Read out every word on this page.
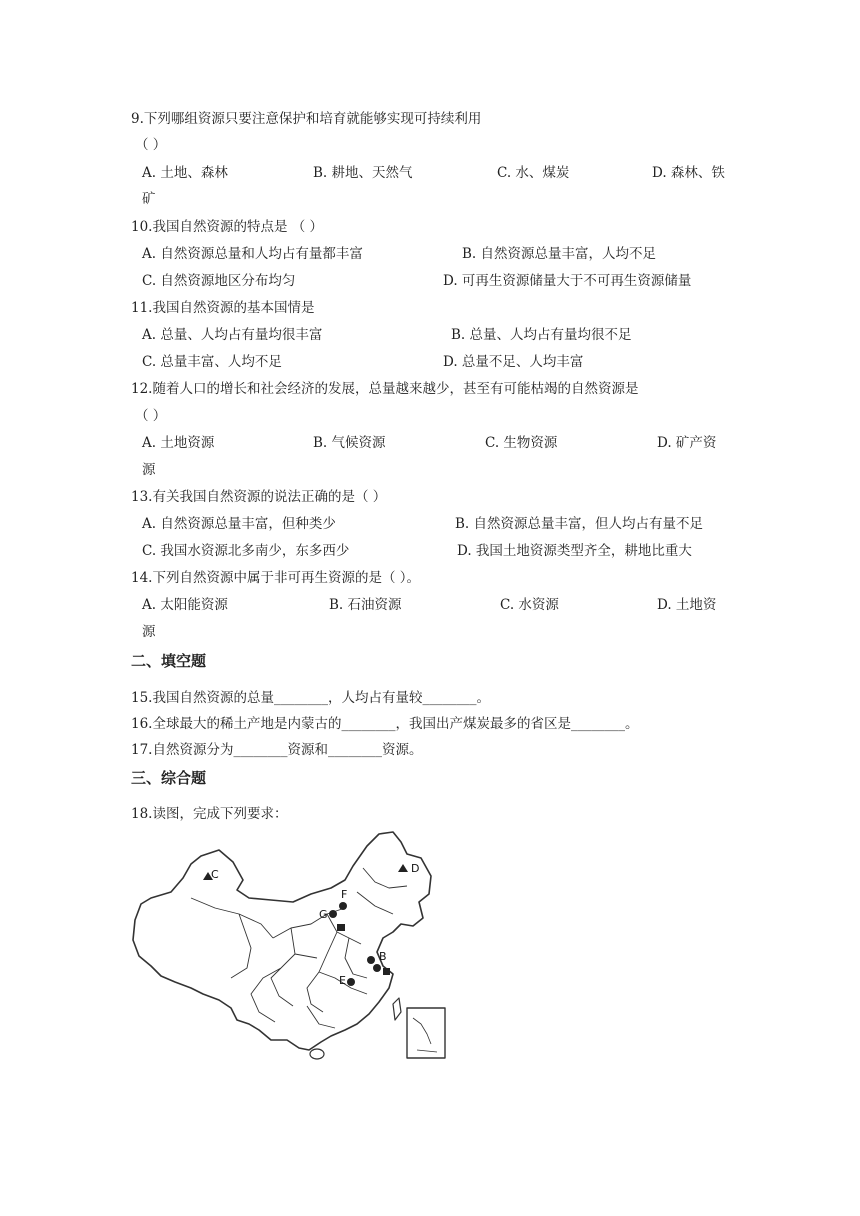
9.下列哪组资源只要注意保护和培育就能够实现可持续利用
（ ）
A. 土地、森林	B. 耕地、天然气	C. 水、煤炭	D. 森林、铁
矿
10.我国自然资源的特点是 （ ）
A. 自然资源总量和人均占有量都丰富	B. 自然资源总量丰富，人均不足
C. 自然资源地区分布均匀	D. 可再生资源储量大于不可再生资源储量
11.我国自然资源的基本国情是
A. 总量、人均占有量均很丰富	B. 总量、人均占有量均很不足
C. 总量丰富、人均不足	D. 总量不足、人均丰富
12.随着人口的增长和社会经济的发展，总量越来越少，甚至有可能枯竭的自然资源是
（ ）
A. 土地资源	B. 气候资源	C. 生物资源	D. 矿产资
源
13.有关我国自然资源的说法正确的是（ ）
A. 自然资源总量丰富，但种类少	B. 自然资源总量丰富，但人均占有量不足
C. 我国水资源北多南少，东多西少	D. 我国土地资源类型齐全，耕地比重大
14.下列自然资源中属于非可再生资源的是（ ）。
A. 太阳能资源	B. 石油资源	C. 水资源	D. 土地资
源
二、填空题
15.我国自然资源的总量________，人均占有量较________。
16.全球最大的稀土产地是内蒙古的________，我国出产煤炭最多的省区是________。
17.自然资源分为________资源和________资源。
三、综合题
18.读图，完成下列要求：
C	D
F
G
B
E
